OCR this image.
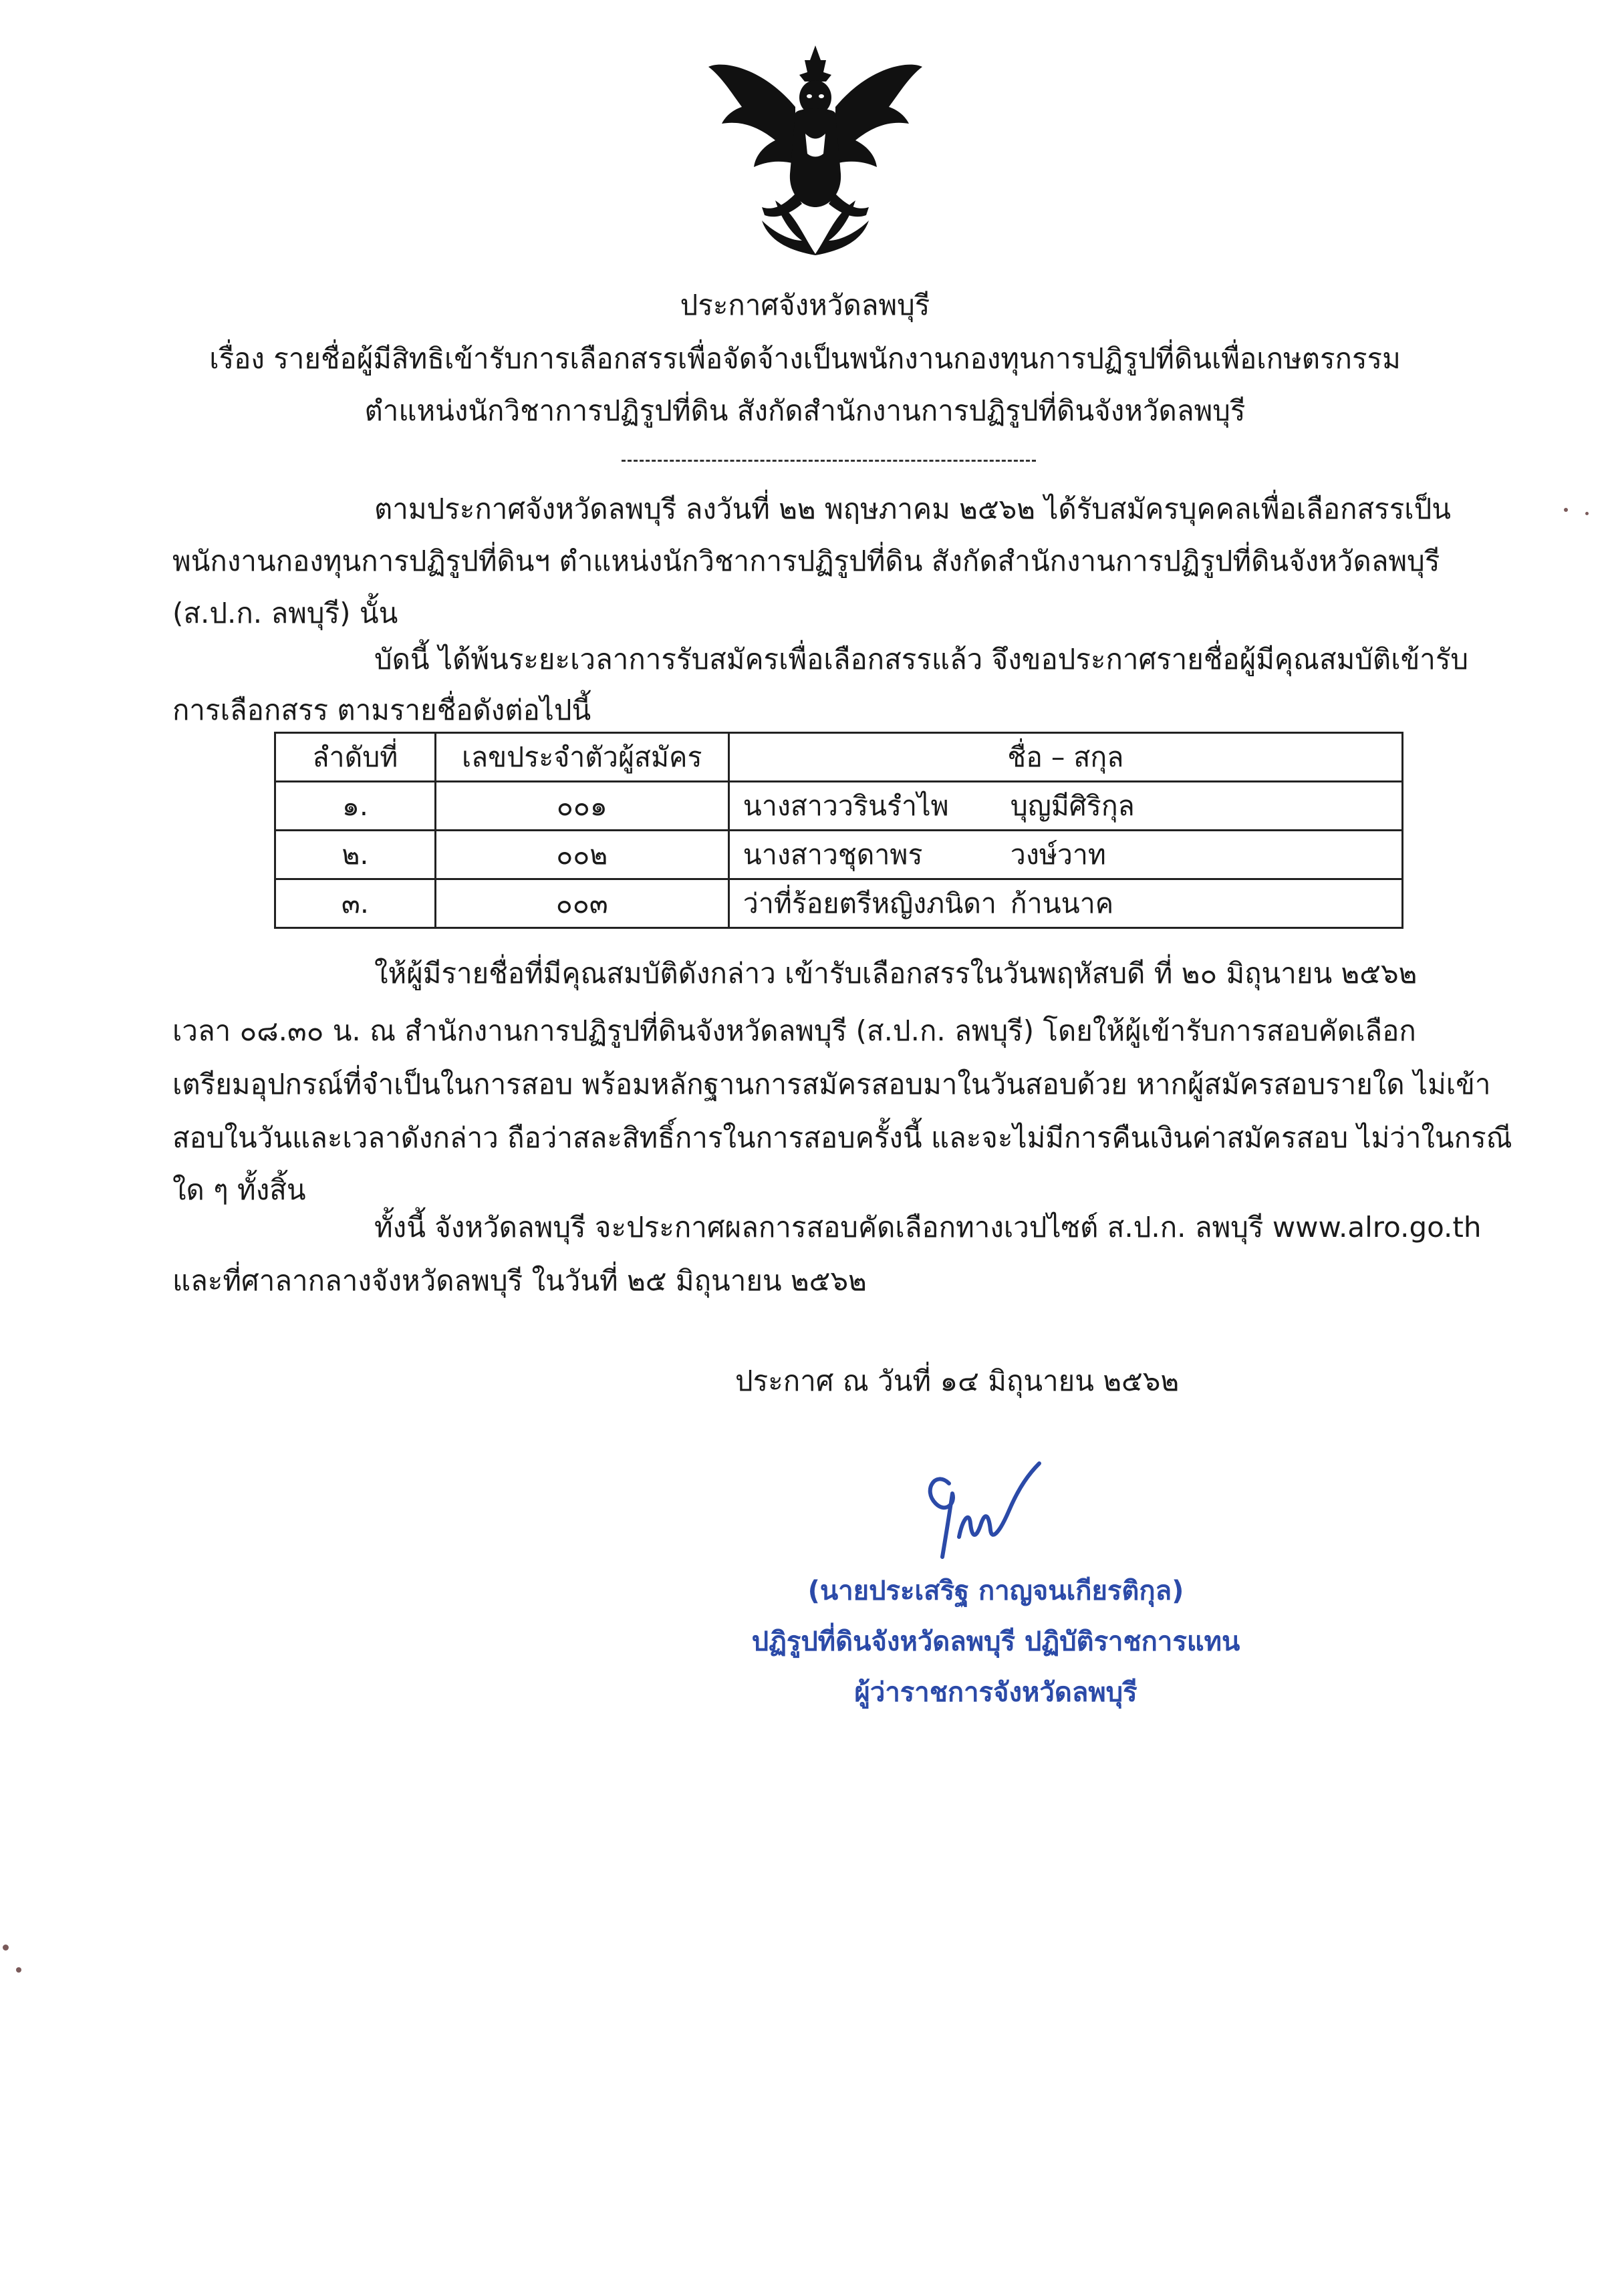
ประกาศจังหวัดลพบุรี
เรื่อง รายชื่อผู้มีสิทธิเข้ารับการเลือกสรรเพื่อจัดจ้างเป็นพนักงานกองทุนการปฏิรูปที่ดินเพื่อเกษตรกรรม
ตำแหน่งนักวิชาการปฏิรูปที่ดิน สังกัดสำนักงานการปฏิรูปที่ดินจังหวัดลพบุรี
ตามประกาศจังหวัดลพบุรี ลงวันที่ ๒๒ พฤษภาคม ๒๕๖๒ ได้รับสมัครบุคคลเพื่อเลือกสรรเป็น
พนักงานกองทุนการปฏิรูปที่ดินฯ ตำแหน่งนักวิชาการปฏิรูปที่ดิน สังกัดสำนักงานการปฏิรูปที่ดินจังหวัดลพบุรี
(ส.ป.ก. ลพบุรี) นั้น
บัดนี้ ได้พ้นระยะเวลาการรับสมัครเพื่อเลือกสรรแล้ว จึงขอประกาศรายชื่อผู้มีคุณสมบัติเข้ารับ
การเลือกสรร ตามรายชื่อดังต่อไปนี้
ลำดับที่	เลขประจำตัวผู้สมัคร	ชื่อ – สกุล
๑.	๐๐๑	นางสาววรินรำไพ บุญมีศิริกุล
๒.	๐๐๒	นางสาวชุดาพร วงษ์วาท
๓.	๐๐๓	ว่าที่ร้อยตรีหญิงภนิดา ก้านนาค
ให้ผู้มีรายชื่อที่มีคุณสมบัติดังกล่าว เข้ารับเลือกสรรในวันพฤหัสบดี ที่ ๒๐ มิถุนายน ๒๕๖๒
เวลา ๐๘.๓๐ น. ณ สำนักงานการปฏิรูปที่ดินจังหวัดลพบุรี (ส.ป.ก. ลพบุรี) โดยให้ผู้เข้ารับการสอบคัดเลือก
เตรียมอุปกรณ์ที่จำเป็นในการสอบ พร้อมหลักฐานการสมัครสอบมาในวันสอบด้วย หากผู้สมัครสอบรายใด ไม่เข้า
สอบในวันและเวลาดังกล่าว ถือว่าสละสิทธิ์การในการสอบครั้งนี้ และจะไม่มีการคืนเงินค่าสมัครสอบ ไม่ว่าในกรณี
ใด ๆ ทั้งสิ้น
ทั้งนี้ จังหวัดลพบุรี จะประกาศผลการสอบคัดเลือกทางเวปไซต์ ส.ป.ก. ลพบุรี www.alro.go.th
และที่ศาลากลางจังหวัดลพบุรี ในวันที่ ๒๕ มิถุนายน ๒๕๖๒
ประกาศ ณ วันที่ ๑๔ มิถุนายน ๒๕๖๒
(นายประเสริฐ กาญจนเกียรติกุล)
ปฏิรูปที่ดินจังหวัดลพบุรี ปฏิบัติราชการแทน
ผู้ว่าราชการจังหวัดลพบุรี
